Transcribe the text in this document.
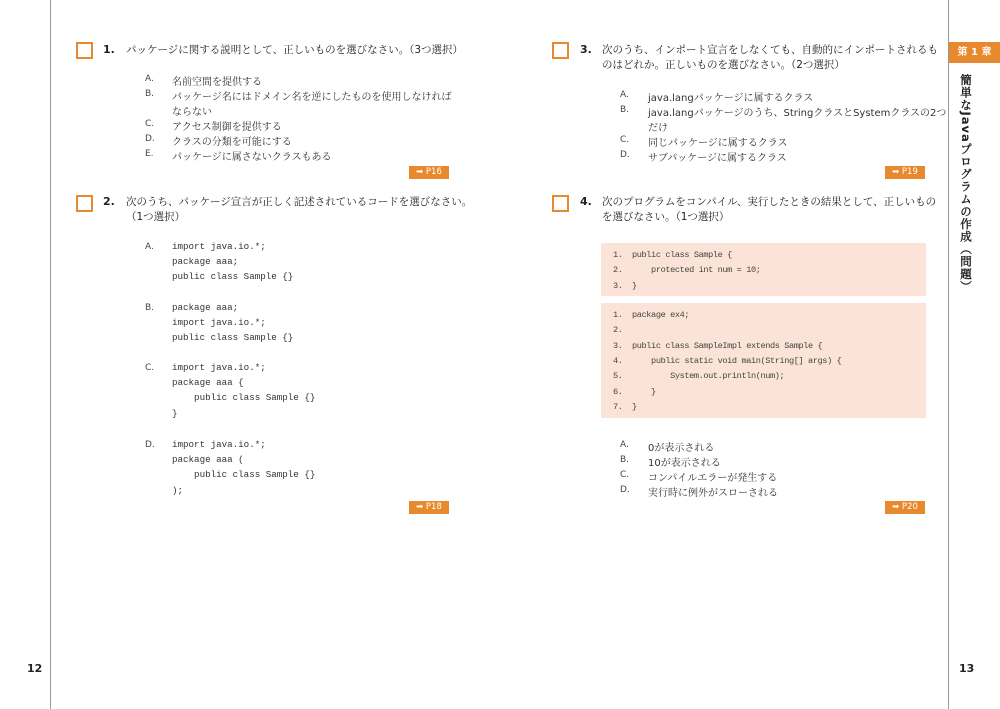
12	13
第 1 章
簡単なJavaプログラムの作成（問題）
1. パッケージに関する説明として、正しいものを選びなさい。（3つ選択）
A. 名前空間を提供する
B. パッケージ名にはドメイン名を逆にしたものを使用しなければ
ならない
C. アクセス制御を提供する
D. クラスの分類を可能にする
E. パッケージに属さないクラスもある
➡ P16
2. 次のうち、パッケージ宣言が正しく記述されているコードを選びなさい。
（1つ選択）
A. import java.io.*;
package aaa;
public class Sample {}
B. package aaa;
import java.io.*;
public class Sample {}
C. import java.io.*;
package aaa {
public class Sample {}
}
D. import java.io.*;
package aaa (
public class Sample {}
);
➡ P18
3. 次のうち、インポート宣言をしなくても、自動的にインポートされるも
のはどれか。正しいものを選びなさい。（2つ選択）
A. java.langパッケージに属するクラス
B. java.langパッケージのうち、StringクラスとSystemクラスの2つ
だけ
C. 同じパッケージに属するクラス
D. サブパッケージに属するクラス
➡ P19
4. 次のプログラムをコンパイル、実行したときの結果として、正しいもの
を選びなさい。（1つ選択）
A. 0が表示される
B. 10が表示される
C. コンパイルエラーが発生する
D. 実行時に例外がスローされる
1.  public class Sample {
2.      protected int num = 10;
3.  }
1.  package ex4;
2.
3.  public class SampleImpl extends Sample {
4.      public static void main(String[] args) {
5.          System.out.println(num);
6.      }
7.  }
➡ P20
